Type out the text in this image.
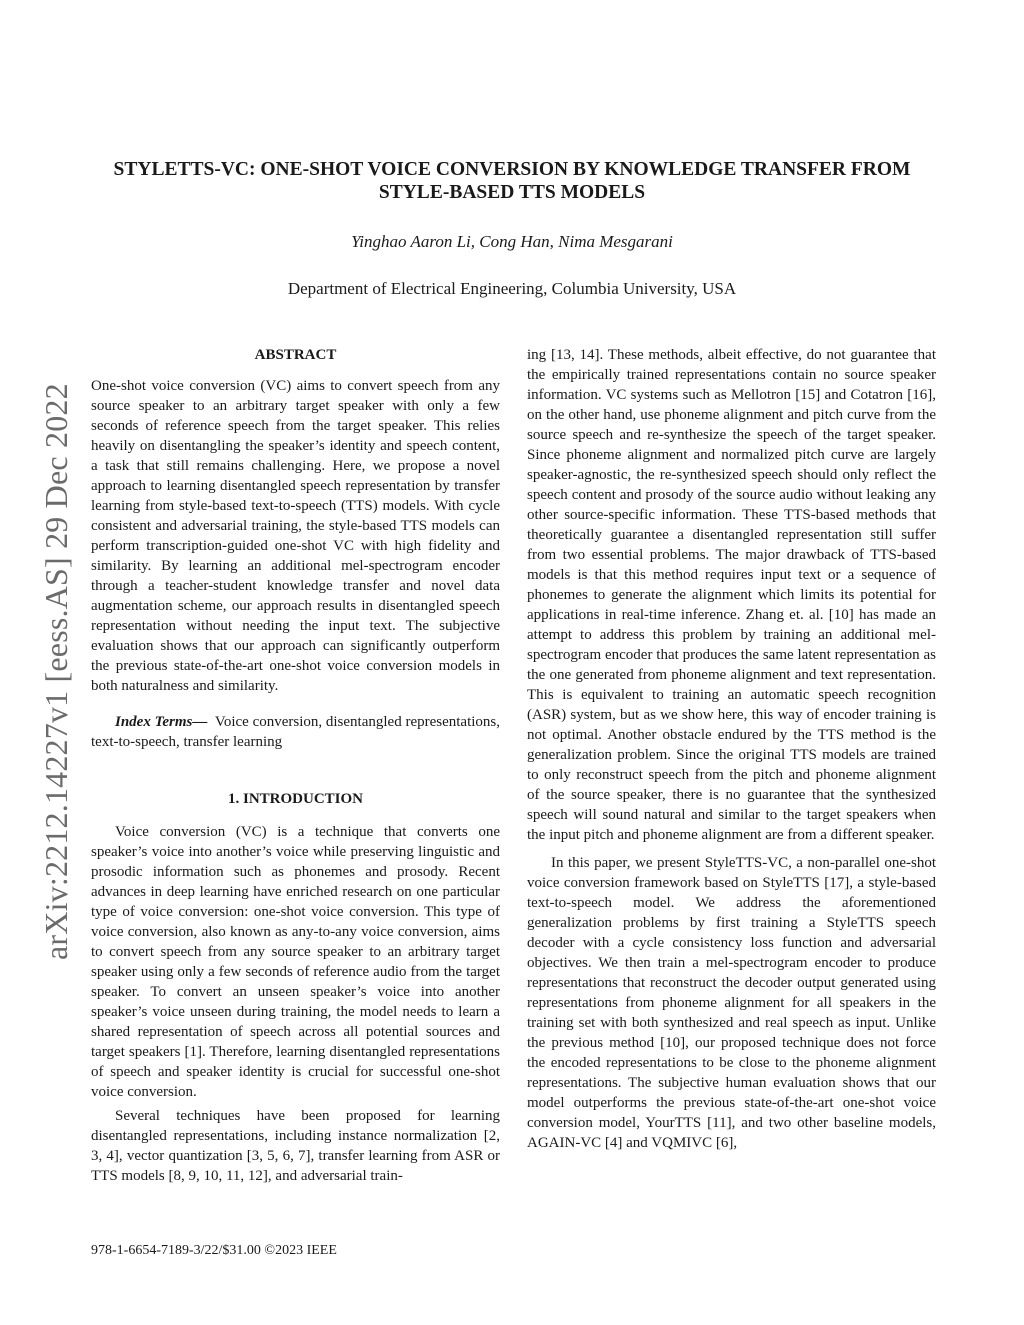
STYLETTS-VC: ONE-SHOT VOICE CONVERSION BY KNOWLEDGE TRANSFER FROM
STYLE-BASED TTS MODELS
Yinghao Aaron Li, Cong Han, Nima Mesgarani
Department of Electrical Engineering, Columbia University, USA
arXiv:2212.14227v1 [eess.AS] 29 Dec 2022
ABSTRACT

One-shot voice conversion (VC) aims to convert speech from any source speaker to an arbitrary target speaker with only a few seconds of reference speech from the target speaker. This relies heavily on disentangling the speaker’s identity and speech content, a task that still remains challenging. Here, we propose a novel approach to learning disentangled speech representation by transfer learning from style-based text-to-speech (TTS) models. With cycle consistent and adversarial training, the style-based TTS models can perform transcription-guided one-shot VC with high fidelity and similarity. By learning an additional mel-spectrogram encoder through a teacher-student knowledge transfer and novel data augmentation scheme, our approach results in disentangled speech representation without needing the input text. The subjective evaluation shows that our approach can significantly outperform the previous state-of-the-art one-shot voice conversion models in both naturalness and similarity.

Index Terms— Voice conversion, disentangled representations, text-to-speech, transfer learning

1. INTRODUCTION

Voice conversion (VC) is a technique that converts one speaker’s voice into another’s voice while preserving linguistic and prosodic information such as phonemes and prosody. Recent advances in deep learning have enriched research on one particular type of voice conversion: one-shot voice conversion. This type of voice conversion, also known as any-to-any voice conversion, aims to convert speech from any source speaker to an arbitrary target speaker using only a few seconds of reference audio from the target speaker. To convert an unseen speaker’s voice into another speaker’s voice unseen during training, the model needs to learn a shared representation of speech across all potential sources and target speakers [1]. Therefore, learning disentangled representations of speech and speaker identity is crucial for successful one-shot voice conversion.

Several techniques have been proposed for learning disentangled representations, including instance normalization [2, 3, 4], vector quantization [3, 5, 6, 7], transfer learning from ASR or TTS models [8, 9, 10, 11, 12], and adversarial train-

ing [13, 14]. These methods, albeit effective, do not guarantee that the empirically trained representations contain no source speaker information. VC systems such as Mellotron [15] and Cotatron [16], on the other hand, use phoneme alignment and pitch curve from the source speech and re-synthesize the speech of the target speaker. Since phoneme alignment and normalized pitch curve are largely speaker-agnostic, the re-synthesized speech should only reflect the speech content and prosody of the source audio without leaking any other source-specific information. These TTS-based methods that theoretically guarantee a disentangled representation still suffer from two essential problems. The major drawback of TTS-based models is that this method requires input text or a sequence of phonemes to generate the alignment which limits its potential for applications in real-time inference. Zhang et. al. [10] has made an attempt to address this problem by training an additional mel-spectrogram encoder that produces the same latent representation as the one generated from phoneme alignment and text representation. This is equivalent to training an automatic speech recognition (ASR) system, but as we show here, this way of encoder training is not optimal. Another obstacle endured by the TTS method is the generalization problem. Since the original TTS models are trained to only reconstruct speech from the pitch and phoneme alignment of the source speaker, there is no guarantee that the synthesized speech will sound natural and similar to the target speakers when the input pitch and phoneme alignment are from a different speaker.

In this paper, we present StyleTTS-VC, a non-parallel one-shot voice conversion framework based on StyleTTS [17], a style-based text-to-speech model. We address the aforementioned generalization problems by first training a StyleTTS speech decoder with a cycle consistency loss function and adversarial objectives. We then train a mel-spectrogram encoder to produce representations that reconstruct the decoder output generated using representations from phoneme alignment for all speakers in the training set with both synthesized and real speech as input. Unlike the previous method [10], our proposed technique does not force the encoded representations to be close to the phoneme alignment representations. The subjective human evaluation shows that our model outperforms the previous state-of-the-art one-shot voice conversion model, YourTTS [11], and two other baseline models, AGAIN-VC [4] and VQMIVC [6],

978-1-6654-7189-3/22/$31.00 ©2023 IEEE
